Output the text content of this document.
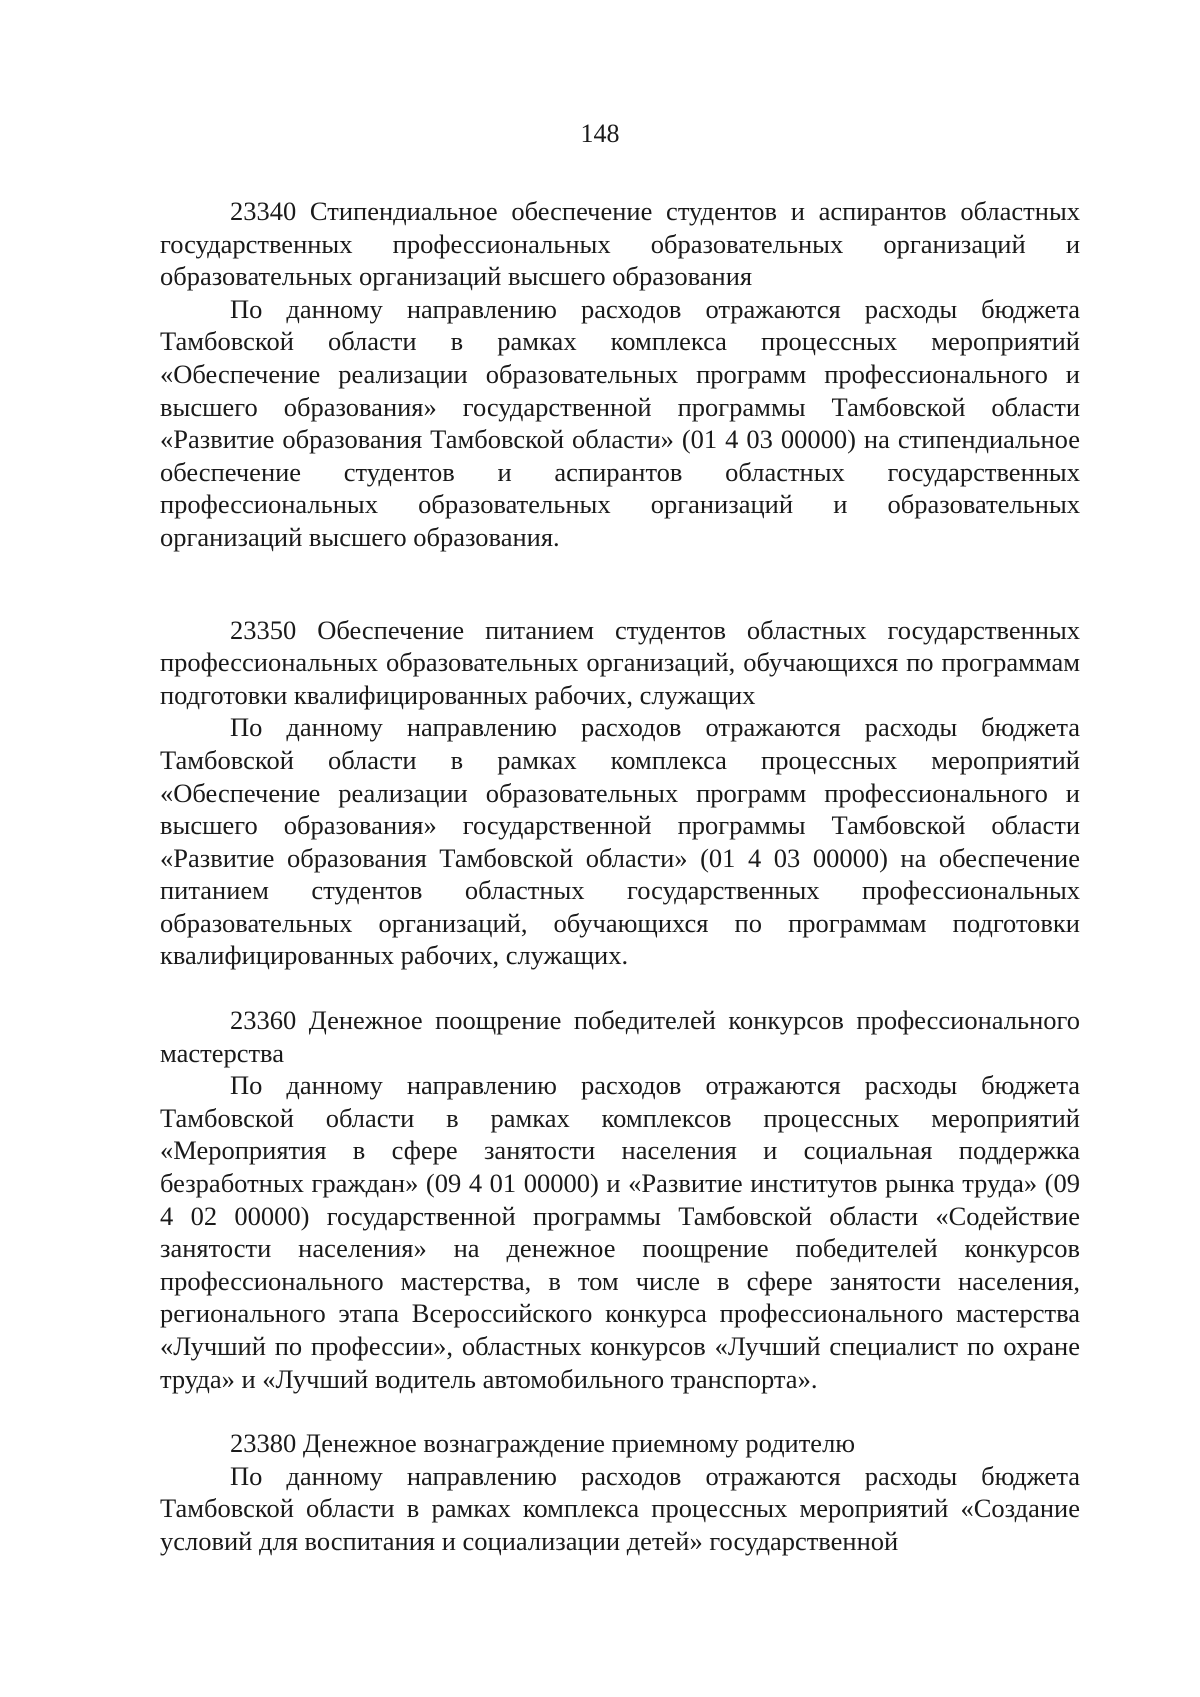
148

23340 Стипендиальное обеспечение студентов и аспирантов областных государственных профессиональных образовательных организаций и образовательных организаций высшего образования

По данному направлению расходов отражаются расходы бюджета Тамбовской области в рамках комплекса процессных мероприятий «Обеспечение реализации образовательных программ профессионального и высшего образования» государственной программы Тамбовской области «Развитие образования Тамбовской области» (01 4 03 00000) на стипендиальное обеспечение студентов и аспирантов областных государственных профессиональных образовательных организаций и образовательных организаций высшего образования.

23350 Обеспечение питанием студентов областных государственных профессиональных образовательных организаций, обучающихся по программам подготовки квалифицированных рабочих, служащих

По данному направлению расходов отражаются расходы бюджета Тамбовской области в рамках комплекса процессных мероприятий «Обеспечение реализации образовательных программ профессионального и высшего образования» государственной программы Тамбовской области «Развитие образования Тамбовской области» (01 4 03 00000) на обеспечение питанием студентов областных государственных профессиональных образовательных организаций, обучающихся по программам подготовки квалифицированных рабочих, служащих.

23360 Денежное поощрение победителей конкурсов профессионального мастерства

По данному направлению расходов отражаются расходы бюджета Тамбовской области в рамках комплексов процессных мероприятий «Мероприятия в сфере занятости населения и социальная поддержка безработных граждан» (09 4 01 00000) и «Развитие институтов рынка труда» (09 4 02 00000) государственной программы Тамбовской области «Содействие занятости населения» на денежное поощрение победителей конкурсов профессионального мастерства, в том числе в сфере занятости населения, регионального этапа Всероссийского конкурса профессионального мастерства «Лучший по профессии», областных конкурсов «Лучший специалист по охране труда» и «Лучший водитель автомобильного транспорта».

23380 Денежное вознаграждение приемному родителю

По данному направлению расходов отражаются расходы бюджета Тамбовской области в рамках комплекса процессных мероприятий «Создание условий для воспитания и социализации детей» государственной
